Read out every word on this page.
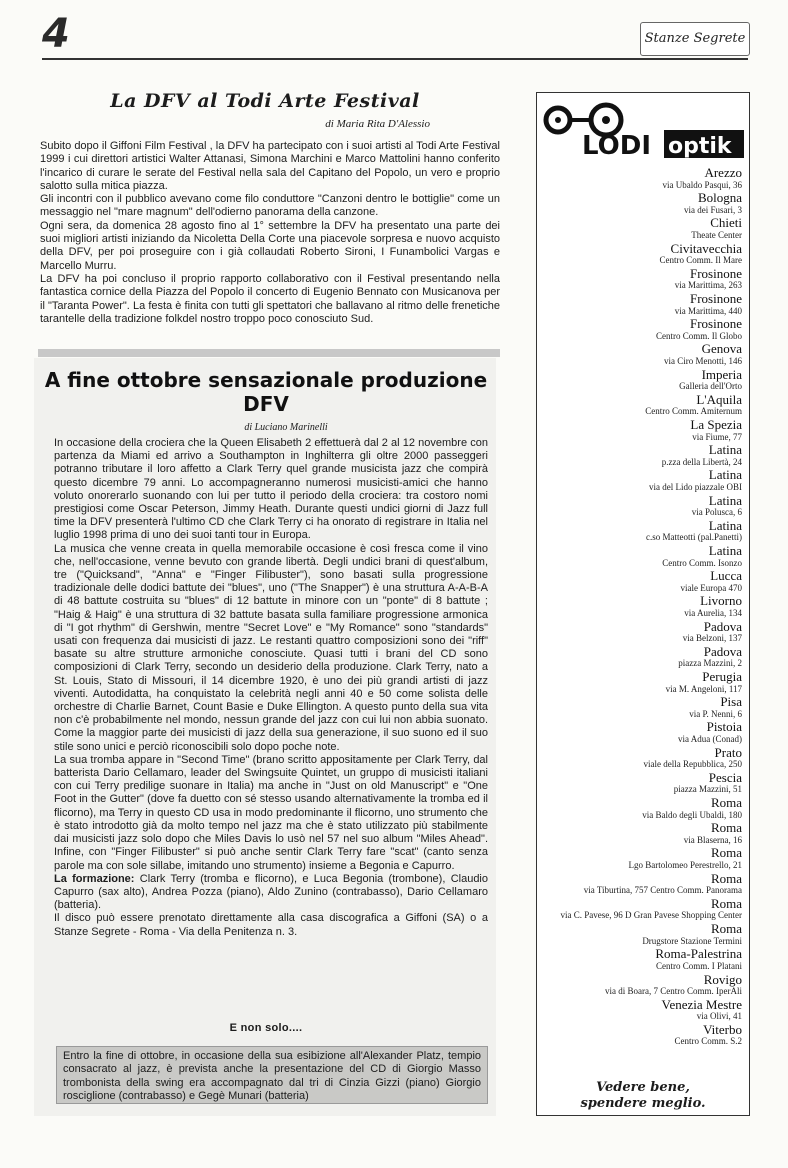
4	Stanze Segrete
La DFV al Todi Arte Festival
di Maria Rita D'Alessio

Subito dopo il Giffoni Film Festival , la DFV ha partecipato con i suoi artisti al Todi Arte Festival 1999 i cui direttori artistici Walter Attanasi, Simona Marchini e Marco Mattolini hanno conferito l'incarico di curare le serate del Festival nella sala del Capitano del Popolo, un vero e proprio salotto sulla mitica piazza.

Gli incontri con il pubblico avevano come filo conduttore "Canzoni dentro le bottiglie" come un messaggio nel "mare magnum" dell'odierno panorama della canzone.

Ogni sera, da domenica 28 agosto fino al 1° settembre la DFV ha presentato una parte dei suoi migliori artisti iniziando da Nicoletta Della Corte una piacevole sorpresa e nuovo acquisto della DFV, per poi proseguire con i già collaudati Roberto Sironi, I Funambolici Vargas e Marcello Murru.

La DFV ha poi concluso il proprio rapporto collaborativo con il Festival presentando nella fantastica cornice della Piazza del Popolo il concerto di Eugenio Bennato con Musicanova per il "Taranta Power". La festa è finita con tutti gli spettatori che ballavano al ritmo delle frenetiche tarantelle della tradizione folkdel nostro troppo poco conosciuto Sud.

A fine ottobre sensazionale produzione DFV
di Luciano Marinelli

In occasione della crociera che la Queen Elisabeth 2 effettuerà dal 2 al 12 novembre con partenza da Miami ed arrivo a Southampton in Inghilterra gli oltre 2000 passeggeri potranno tributare il loro affetto a Clark Terry quel grande musicista jazz che compirà questo dicembre 79 anni. Lo accompagneranno numerosi musicisti-amici che hanno voluto onorerarlo suonando con lui per tutto il periodo della crociera: tra costoro nomi prestigiosi come Oscar Peterson, Jimmy Heath. Durante questi undici giorni di Jazz full time la DFV presenterà l'ultimo CD che Clark Terry ci ha onorato di registrare in Italia nel luglio 1998 prima di uno dei suoi tanti tour in Europa.

La musica che venne creata in quella memorabile occasione è così fresca come il vino che, nell'occasione, venne bevuto con grande libertà. Degli undici brani di quest'album, tre ("Quicksand", "Anna" e "Finger Filibuster"), sono basati sulla progressione tradizionale delle dodici battute dei "blues", uno ("The Snapper") è una struttura A-A-B-A di 48 battute costruita su "blues" di 12 battute in minore con un "ponte" di 8 battute ; "Haig & Haig" è una struttura di 32 battute basata sulla familiare progressione armonica di "I got rhythm" di Gershwin, mentre "Secret Love" e "My Romance" sono "standards" usati con frequenza dai musicisti di jazz. Le restanti quattro composizioni sono dei "riff" basate su altre strutture armoniche conosciute. Quasi tutti i brani del CD sono composizioni di Clark Terry, secondo un desiderio della produzione. Clark Terry, nato a St. Louis, Stato di Missouri, il 14 dicembre 1920, è uno dei più grandi artisti di jazz viventi. Autodidatta, ha conquistato la celebrità negli anni 40 e 50 come solista delle orchestre di Charlie Barnet, Count Basie e Duke Ellington. A questo punto della sua vita non c'è probabilmente nel mondo, nessun grande del jazz con cui lui non abbia suonato. Come la maggior parte dei musicisti di jazz della sua generazione, il suo suono ed il suo stile sono unici e perciò riconoscibili solo dopo poche note.

La sua tromba appare in "Second Time" (brano scritto appositamente per Clark Terry, dal batterista Dario Cellamaro, leader del Swingsuite Quintet, un gruppo di musicisti italiani con cui Terry predilige suonare in Italia) ma anche in "Just on old Manuscript" e "One Foot in the Gutter" (dove fa duetto con sé stesso usando alternativamente la tromba ed il flicorno), ma Terry in questo CD usa in modo predominante il flicorno, uno strumento che è stato introdotto già da molto tempo nel jazz ma che è stato utilizzato più stabilmente dai musicisti jazz solo dopo che Miles Davis lo usò nel 57 nel suo album "Miles Ahead". Infine, con "Finger Filibuster" si può anche sentir Clark Terry fare "scat" (canto senza parole ma con sole sillabe, imitando uno strumento) insieme a Begonia e Capurro.

La formazione: Clark Terry (tromba e flicorno), e Luca Begonia (trombone), Claudio Capurro (sax alto), Andrea Pozza (piano), Aldo Zunino (contrabasso), Dario Cellamaro (batteria).

Il disco può essere prenotato direttamente alla casa discografica a Giffoni (SA) o a Stanze Segrete - Roma - Via della Penitenza n. 3.

E non solo....
Entro la fine di ottobre, in occasione della sua esibizione all'Alexander Platz, tempio consacrato al jazz, è prevista anche la presentazione del CD di Giorgio Masso trombonista della swing era accompagnato dal tri di Cinzia Gizzi (piano) Giorgio rosciglione (contrabasso) e Gegè Munari (batteria)
LODI optik
Arezzo
via Ubaldo Pasqui, 36
Bologna
via dei Fusari, 3
Chieti
Theate Center
Civitavecchia
Centro Comm. Il Mare
Frosinone
via Marittima, 263
Frosinone
via Marittima, 440
Frosinone
Centro Comm. Il Globo
Genova
via Ciro Menotti, 146
Imperia
Galleria dell'Orto
L'Aquila
Centro Comm. Amiternum
La Spezia
via Fiume, 77
Latina
p.zza della Libertà, 24
Latina
via del Lido piazzale OBI
Latina
via Polusca, 6
Latina
c.so Matteotti (pal.Panetti)
Latina
Centro Comm. Isonzo
Lucca
viale Europa 470
Livorno
via Aurelia, 134
Padova
via Belzoni, 137
Padova
piazza Mazzini, 2
Perugia
via M. Angeloni, 117
Pisa
via P. Nenni, 6
Pistoia
via Adua (Conad)
Prato
viale della Repubblica, 250
Pescia
piazza Mazzini, 51
Roma
via Baldo degli Ubaldi, 180
Roma
via Blaserna, 16
Roma
Lgo Bartolomeo Perestrello, 21
Roma
via Tiburtina, 757 Centro Comm. Panorama
Roma
via C. Pavese, 96 D Gran Pavese Shopping Center
Roma
Drugstore Stazione Termini
Roma-Palestrina
Centro Comm. I Platani
Rovigo
via di Boara, 7 Centro Comm. IperAli
Venezia Mestre
via Olivi, 41
Viterbo
Centro Comm. S.2
Vedere bene,
spendere meglio.
